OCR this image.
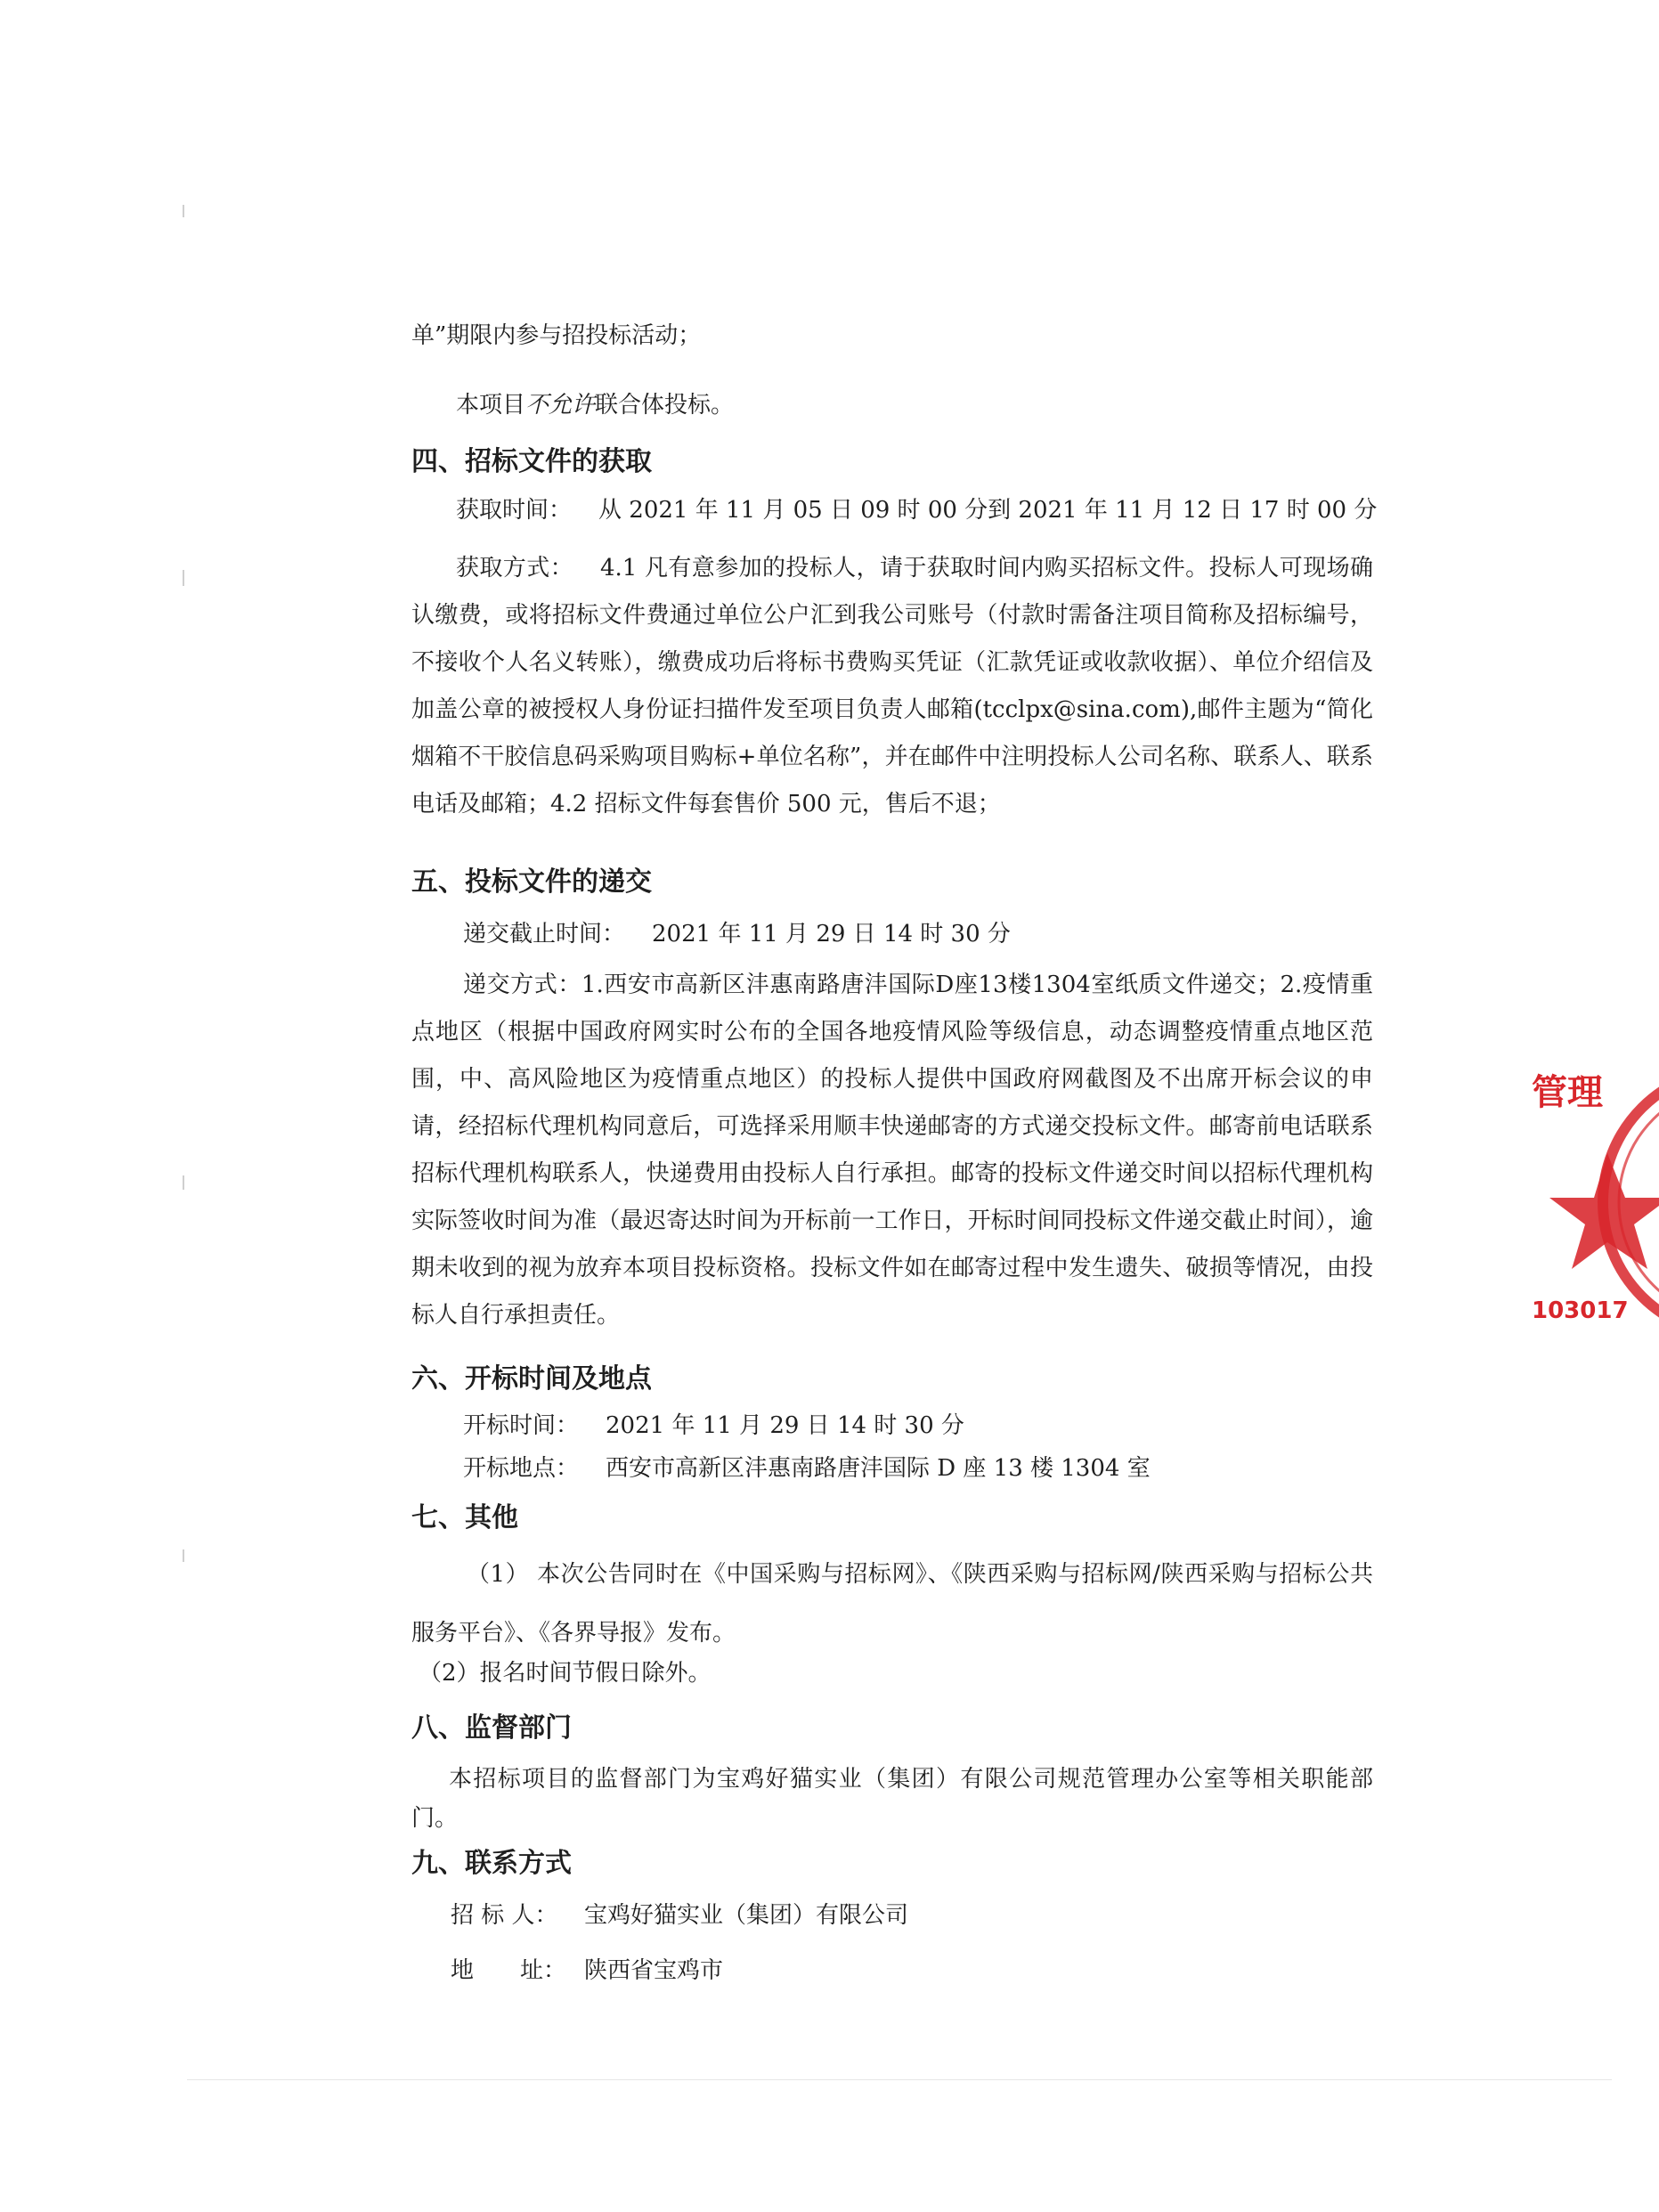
单”期限内参与招投标活动；
本项目不允许联合体投标。
四、招标文件的获取
获取时间： 从 2021 年 11 月 05 日 09 时 00 分到 2021 年 11 月 12 日 17 时 00 分
获取方式： 4.1 凡有意参加的投标人，请于获取时间内购买招标文件。投标人可现场确认缴费，或将招标文件费通过单位公户汇到我公司账号（付款时需备注项目简称及招标编号，不接收个人名义转账），缴费成功后将标书费购买凭证（汇款凭证或收款收据）、单位介绍信及加盖公章的被授权人身份证扫描件发至项目负责人邮箱(tcclpx@sina.com),邮件主题为“简化烟箱不干胶信息码采购项目购标+单位名称”，并在邮件中注明投标人公司名称、联系人、联系电话及邮箱；4.2 招标文件每套售价 500 元，售后不退；
五、投标文件的递交
递交截止时间： 2021 年 11 月 29 日 14 时 30 分
递交方式：1.西安市高新区沣惠南路唐沣国际D座13楼1304室纸质文件递交；2.疫情重点地区（根据中国政府网实时公布的全国各地疫情风险等级信息，动态调整疫情重点地区范围，中、高风险地区为疫情重点地区）的投标人提供中国政府网截图及不出席开标会议的申请，经招标代理机构同意后，可选择采用顺丰快递邮寄的方式递交投标文件。邮寄前电话联系招标代理机构联系人，快递费用由投标人自行承担。邮寄的投标文件递交时间以招标代理机构实际签收时间为准（最迟寄达时间为开标前一工作日，开标时间同投标文件递交截止时间），逾期未收到的视为放弃本项目投标资格。投标文件如在邮寄过程中发生遗失、破损等情况，由投标人自行承担责任。
六、开标时间及地点
开标时间： 2021 年 11 月 29 日 14 时 30 分
开标地点： 西安市高新区沣惠南路唐沣国际 D 座 13 楼 1304 室
七、其他
（1） 本次公告同时在《中国采购与招标网》、《陕西采购与招标网/陕西采购与招标公共服务平台》、《各界导报》发布。
（2）报名时间节假日除外。
八、监督部门
本招标项目的监督部门为宝鸡好猫实业（集团）有限公司规范管理办公室等相关职能部门。
九、联系方式
招 标 人： 宝鸡好猫实业（集团）有限公司
地　　址： 陕西省宝鸡市
管理
103017
